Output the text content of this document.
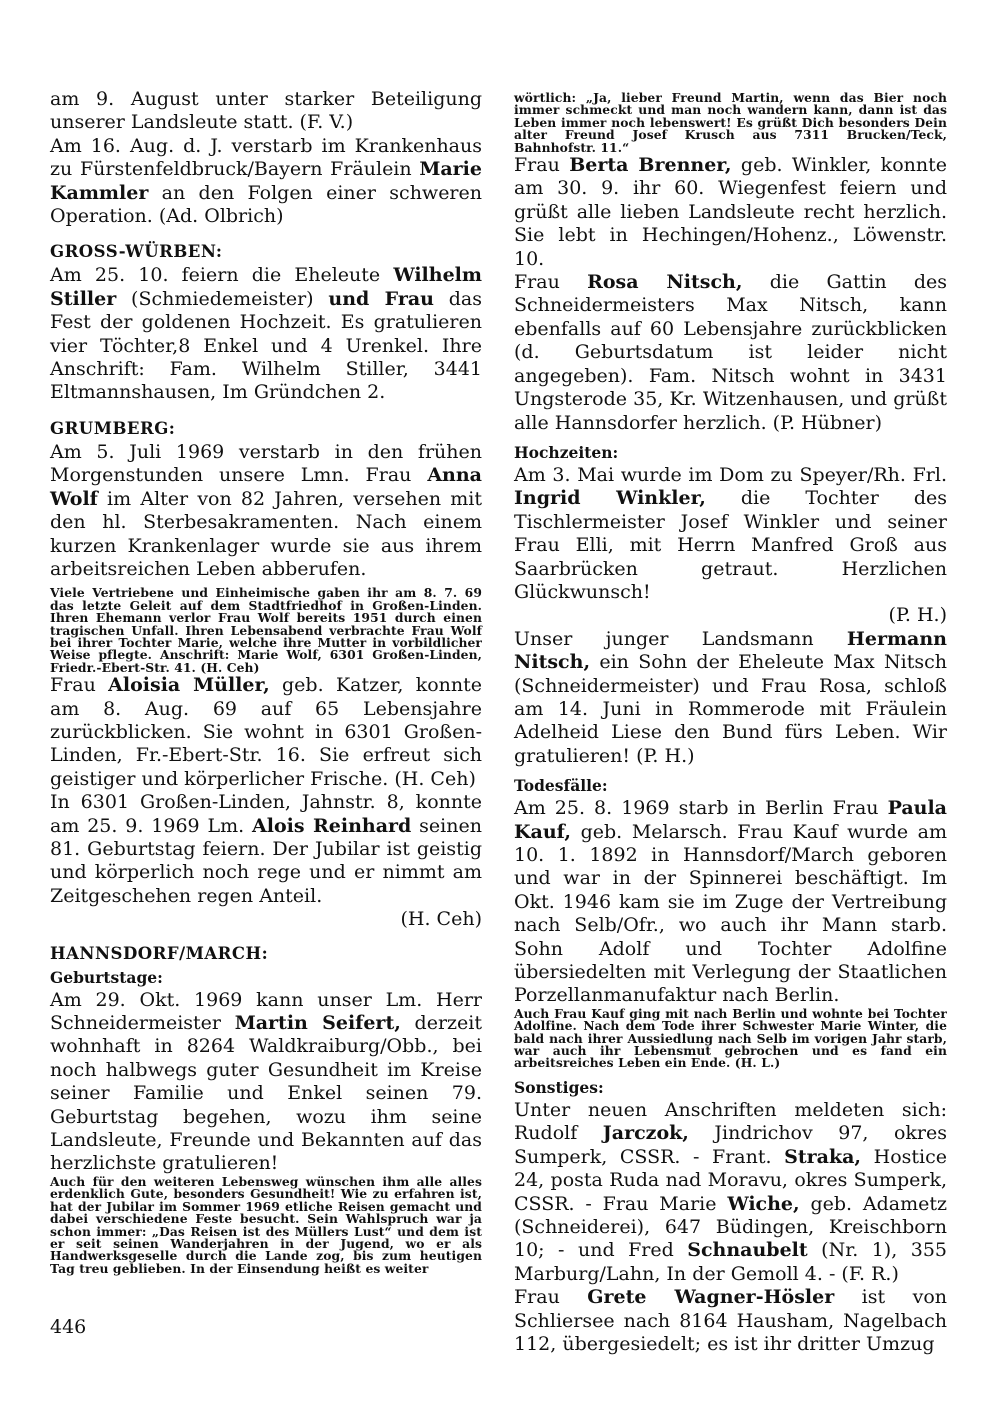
am 9. August unter starker Beteiligung unserer Landsleute statt. (F. V.)

Am 16. Aug. d. J. verstarb im Krankenhaus zu Fürstenfeldbruck/Bayern Fräulein Marie Kammler an den Folgen einer schweren Operation. (Ad. Olbrich)

GROSS-WÜRBEN:

Am 25. 10. feiern die Eheleute Wilhelm Stiller (Schmiedemeister) und Frau das Fest der goldenen Hochzeit. Es gratulieren vier Töchter,8 Enkel und 4 Urenkel. Ihre Anschrift: Fam. Wilhelm Stiller, 3441 Eltmannshausen, Im Gründchen 2.

GRUMBERG:

Am 5. Juli 1969 verstarb in den frühen Morgenstunden unsere Lmn. Frau Anna Wolf im Alter von 82 Jahren, versehen mit den hl. Sterbesakramenten. Nach einem kurzen Krankenlager wurde sie aus ihrem arbeitsreichen Leben abberufen.

Viele Vertriebene und Einheimische gaben ihr am 8. 7. 69 das letzte Geleit auf dem Stadtfriedhof in Großen-Linden. Ihren Ehemann verlor Frau Wolf bereits 1951 durch einen tragischen Unfall. Ihren Lebensabend verbrachte Frau Wolf bei ihrer Tochter Marie, welche ihre Mutter in vorbildlicher Weise pflegte. Anschrift: Marie Wolf, 6301 Großen-Linden, Friedr.-Ebert-Str. 41. (H. Ceh)

Frau Aloisia Müller, geb. Katzer, konnte am 8. Aug. 69 auf 65 Lebensjahre zurückblicken. Sie wohnt in 6301 Großen-Linden, Fr.-Ebert-Str. 16. Sie erfreut sich geistiger und körperlicher Frische. (H. Ceh)

In 6301 Großen-Linden, Jahnstr. 8, konnte am 25. 9. 1969 Lm. Alois Reinhard seinen 81. Geburtstag feiern. Der Jubilar ist geistig und körperlich noch rege und er nimmt am Zeitgeschehen regen Anteil.

(H. Ceh)

HANNSDORF/MARCH:

Geburtstage:

Am 29. Okt. 1969 kann unser Lm. Herr Schneidermeister Martin Seifert, derzeit wohnhaft in 8264 Waldkraiburg/Obb., bei noch halbwegs guter Gesundheit im Kreise seiner Familie und Enkel seinen 79. Geburtstag begehen, wozu ihm seine Landsleute, Freunde und Bekannten auf das herzlichste gratulieren!

Auch für den weiteren Lebensweg wünschen ihm alle alles erdenklich Gute, besonders Gesundheit! Wie zu erfahren ist, hat der Jubilar im Sommer 1969 etliche Reisen gemacht und dabei verschiedene Feste besucht. Sein Wahlspruch war ja schon immer: „Das Reisen ist des Müllers Lust“ und dem ist er seit seinen Wanderjahren in der Jugend, wo er als Handwerksgeselle durch die Lande zog, bis zum heutigen Tag treu geblieben. In der Einsendung heißt es weiter

wörtlich: „Ja, lieber Freund Martin, wenn das Bier noch immer schmeckt und man noch wandern kann, dann ist das Leben immer noch lebenswert! Es grüßt Dich besonders Dein alter Freund Josef Krusch aus 7311 Brucken/Teck, Bahnhofstr. 11.“

Frau Berta Brenner, geb. Winkler, konnte am 30. 9. ihr 60. Wiegenfest feiern und grüßt alle lieben Landsleute recht herzlich. Sie lebt in Hechingen/Hohenz., Löwenstr. 10.

Frau Rosa Nitsch, die Gattin des Schneidermeisters Max Nitsch, kann ebenfalls auf 60 Lebensjahre zurückblicken (d. Geburtsdatum ist leider nicht angegeben). Fam. Nitsch wohnt in 3431 Ungsterode 35, Kr. Witzenhausen, und grüßt alle Hannsdorfer herzlich. (P. Hübner)

Hochzeiten:

Am 3. Mai wurde im Dom zu Speyer/Rh. Frl. Ingrid Winkler, die Tochter des Tischlermeister Josef Winkler und seiner Frau Elli, mit Herrn Manfred Groß aus Saarbrücken getraut. Herzlichen Glückwunsch!

(P. H.)

Unser junger Landsmann Hermann Nitsch, ein Sohn der Eheleute Max Nitsch (Schneidermeister) und Frau Rosa, schloß am 14. Juni in Rommerode mit Fräulein Adelheid Liese den Bund fürs Leben. Wir gratulieren! (P. H.)

Todesfälle:

Am 25. 8. 1969 starb in Berlin Frau Paula Kauf, geb. Melarsch. Frau Kauf wurde am 10. 1. 1892 in Hannsdorf/March geboren und war in der Spinnerei beschäftigt. Im Okt. 1946 kam sie im Zuge der Vertreibung nach Selb/Ofr., wo auch ihr Mann starb. Sohn Adolf und Tochter Adolfine übersiedelten mit Verlegung der Staatlichen Porzellanmanufaktur nach Berlin.

Auch Frau Kauf ging mit nach Berlin und wohnte bei Tochter Adolfine. Nach dem Tode ihrer Schwester Marie Winter, die bald nach ihrer Aussiedlung nach Selb im vorigen Jahr starb, war auch ihr Lebensmut gebrochen und es fand ein arbeitsreiches Leben ein Ende. (H. L.)

Sonstiges:

Unter neuen Anschriften meldeten sich: Rudolf Jarczok, Jindrichov 97, okres Sumperk, CSSR. - Frant. Straka, Hostice 24, posta Ruda nad Moravu, okres Sumperk, CSSR. - Frau Marie Wiche, geb. Adametz (Schneiderei), 647 Büdingen, Kreischborn 10; - und Fred Schnaubelt (Nr. 1), 355 Marburg/Lahn, In der Gemoll 4. - (F. R.)

Frau Grete Wagner-Hösler ist von Schliersee nach 8164 Hausham, Nagelbach 112, übergesiedelt; es ist ihr dritter Umzug

446
